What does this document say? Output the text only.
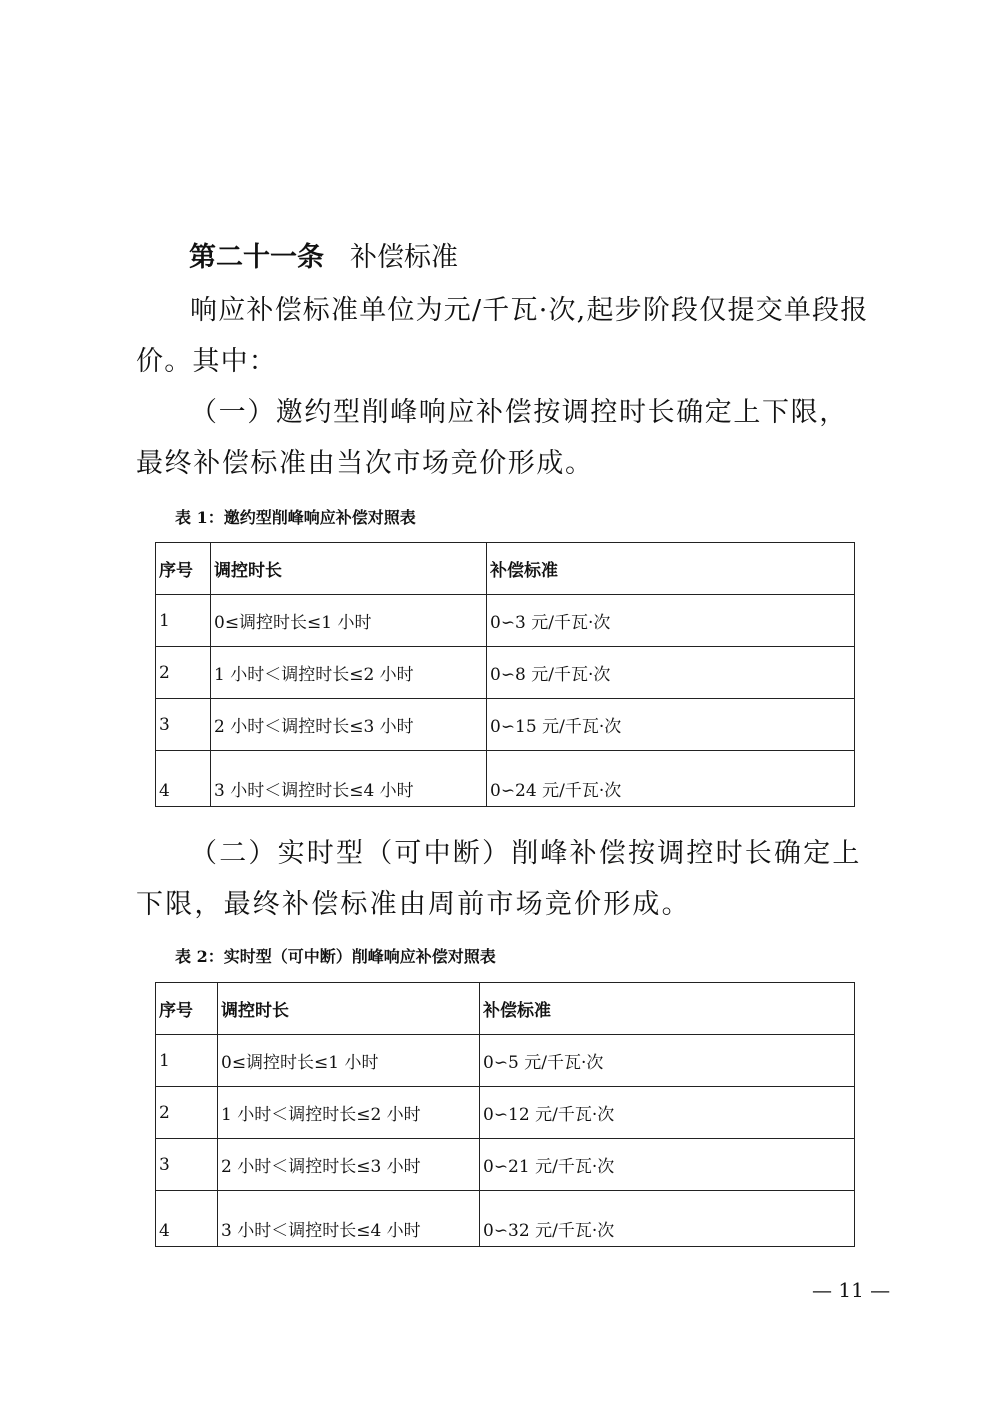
第二十一条 补偿标准
响应补偿标准单位为元/千瓦·次,起步阶段仅提交单段报价。其中：
（一）邀约型削峰响应补偿按调控时长确定上下限，最终补偿标准由当次市场竞价形成。
表 1：邀约型削峰响应补偿对照表
序号	调控时长	补偿标准
1	0≤调控时长≤1 小时	0∽3 元/千瓦·次
2	1 小时＜调控时长≤2 小时	0∽8 元/千瓦·次
3	2 小时＜调控时长≤3 小时	0∽15 元/千瓦·次
4	3 小时＜调控时长≤4 小时	0∽24 元/千瓦·次
（二）实时型（可中断）削峰补偿按调控时长确定上下限，最终补偿标准由周前市场竞价形成。
表 2：实时型（可中断）削峰响应补偿对照表
序号	调控时长	补偿标准
1	0≤调控时长≤1 小时	0∽5 元/千瓦·次
2	1 小时＜调控时长≤2 小时	0∽12 元/千瓦·次
3	2 小时＜调控时长≤3 小时	0∽21 元/千瓦·次
4	3 小时＜调控时长≤4 小时	0∽32 元/千瓦·次
— 11 —
